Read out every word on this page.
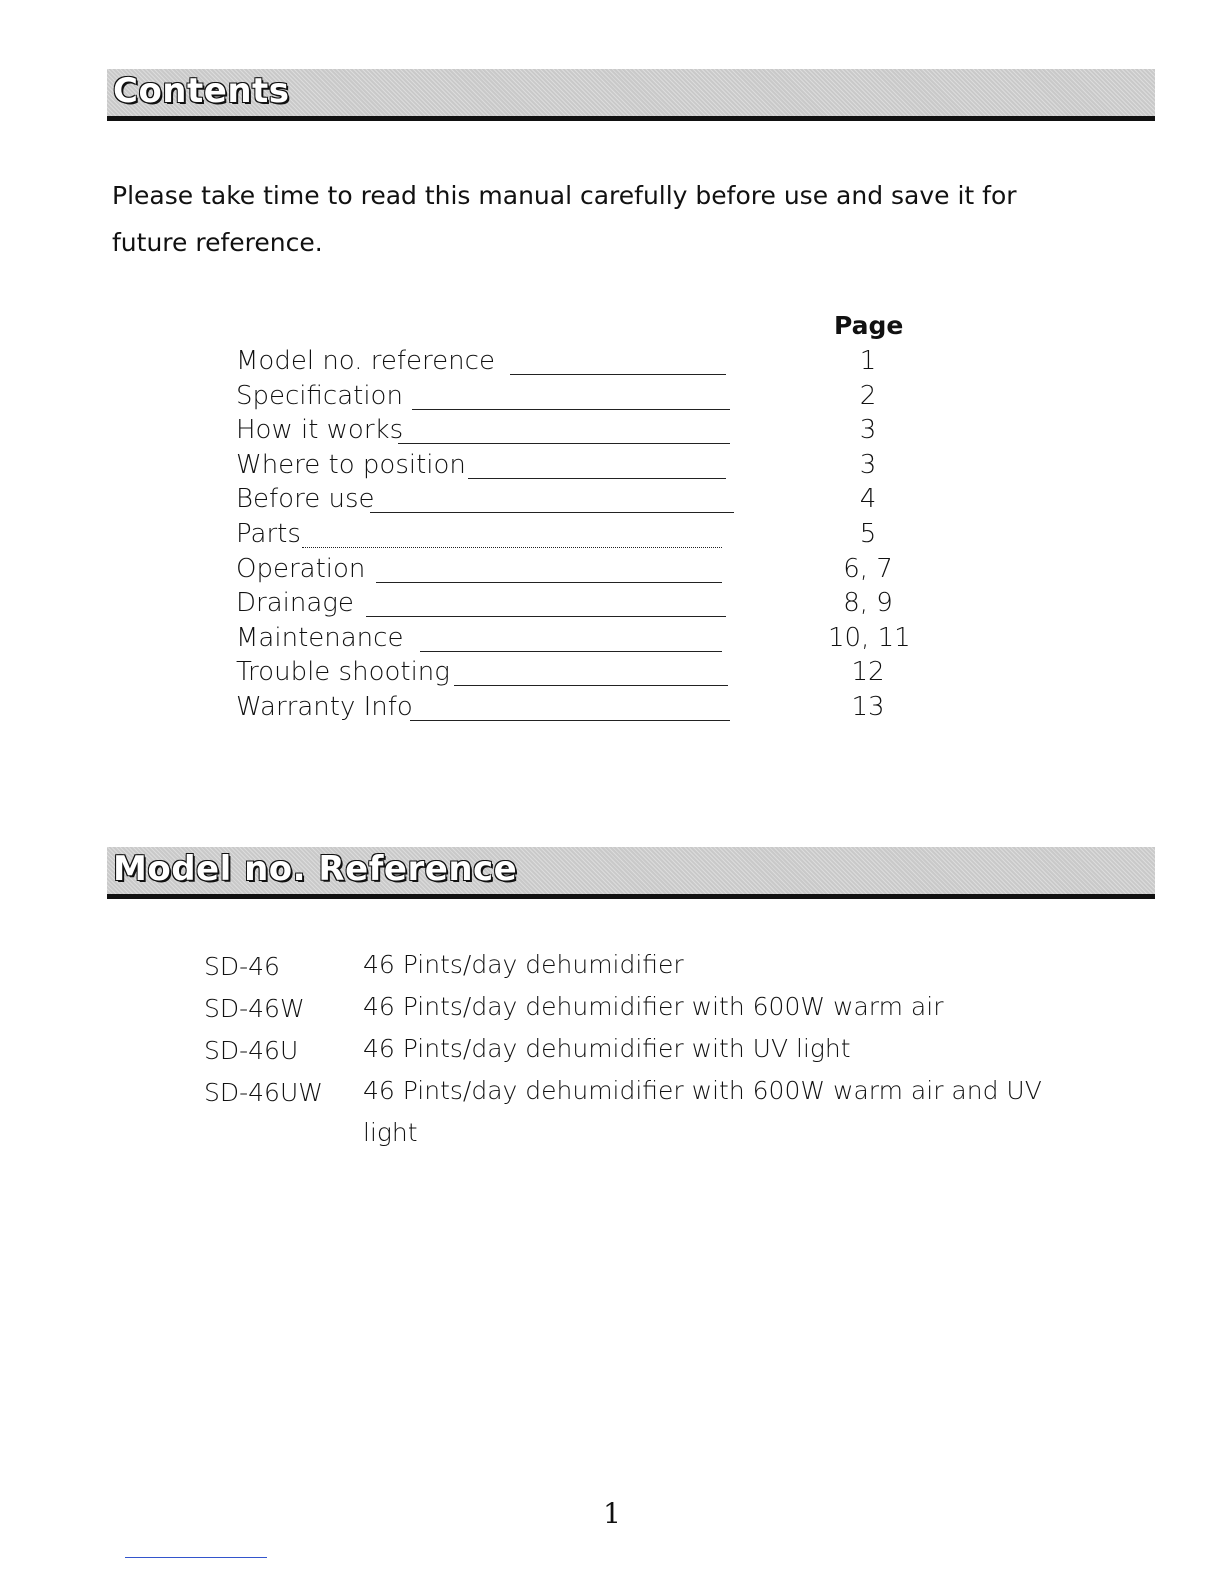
Contents

Please take time to read this manual carefully before use and save it for future reference.

Page
Model no. reference	1
Specification	2
How it works	3
Where to position	3
Before use	4
Parts	5
Operation	6, 7
Drainage	8, 9
Maintenance	10, 11
Trouble shooting	12
Warranty Info	13
Model no. Reference
SD-46	46 Pints/day dehumidifier
SD-46W 46 Pints/day dehumidifier with 600W warm air
SD-46U	46 Pints/day dehumidifier with UV light
SD-46UW 46 Pints/day dehumidifier with 600W warm air and UV light
1
